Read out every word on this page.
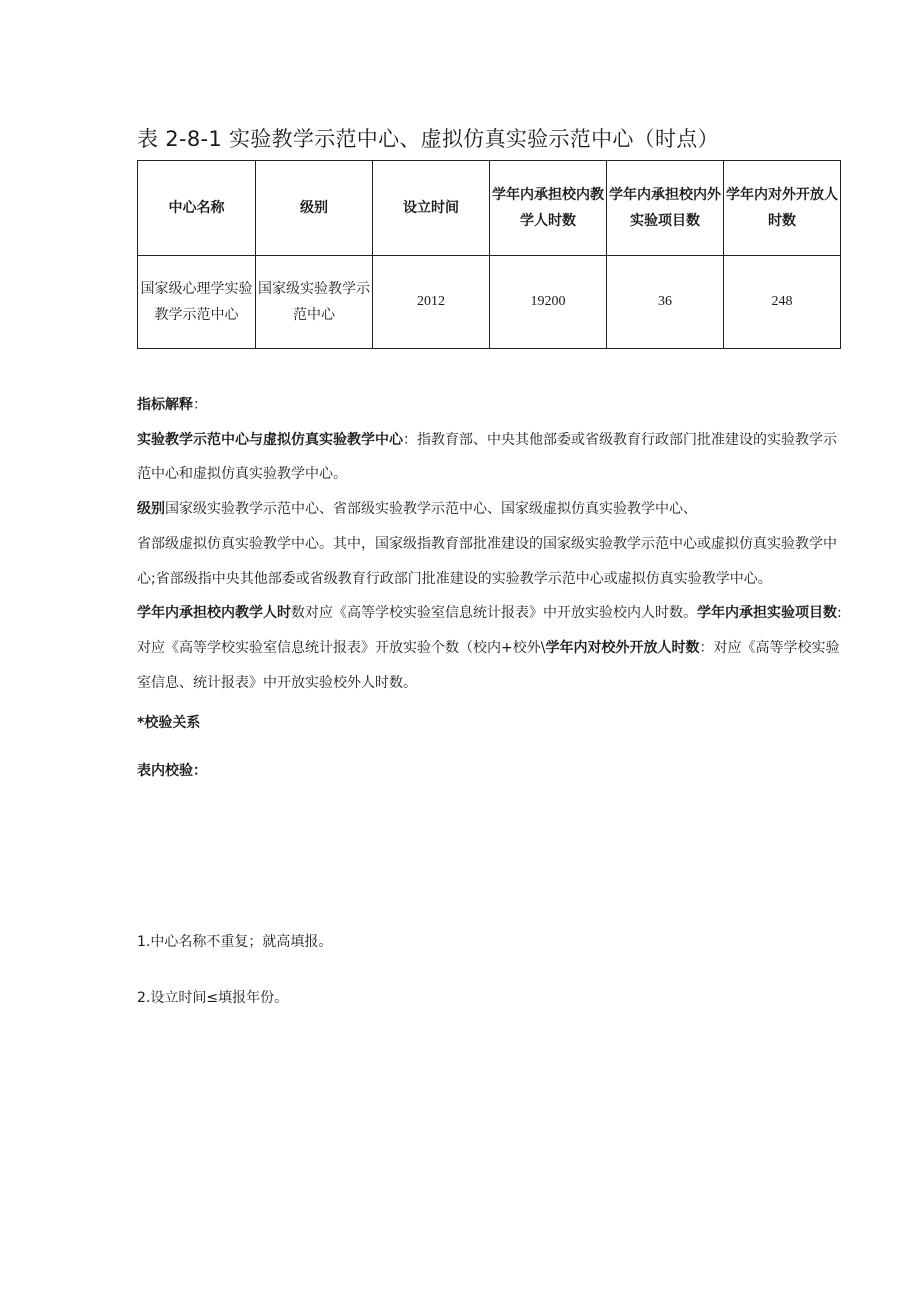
表 2-8-1 实验教学示范中心、虚拟仿真实验示范中心（时点）
中心名称	级别	设立时间	学年内承担校内教学人时数	学年内承担校内外实验项目数	学年内对外开放人时数
国家级心理学实验教学示范中心	国家级实验教学示范中心	2012	19200	36	248

指标解释：

实验教学示范中心与虚拟仿真实验教学中心：指教育部、中央其他部委或省级教育行政部门批准建设的实验教学示范中心和虚拟仿真实验教学中心。

级别国家级实验教学示范中心、省部级实验教学示范中心、国家级虚拟仿真实验教学中心、

省部级虚拟仿真实验教学中心。其中，国家级指教育部批准建设的国家级实验教学示范中心或虚拟仿真实验教学中心;省部级指中央其他部委或省级教育行政部门批准建设的实验教学示范中心或虚拟仿真实验教学中心。

学年内承担校内教学人时数对应《高等学校实验室信息统计报表》中开放实验校内人时数。学年内承担实验项目数:对应《高等学校实验室信息统计报表》开放实验个数（校内+校外\学年内对校外开放人时数：对应《高等学校实验室信息、统计报表》中开放实验校外人时数。

*校验关系

表内校验：

1.中心名称不重复；就高填报。
2.设立时间≤填报年份。
